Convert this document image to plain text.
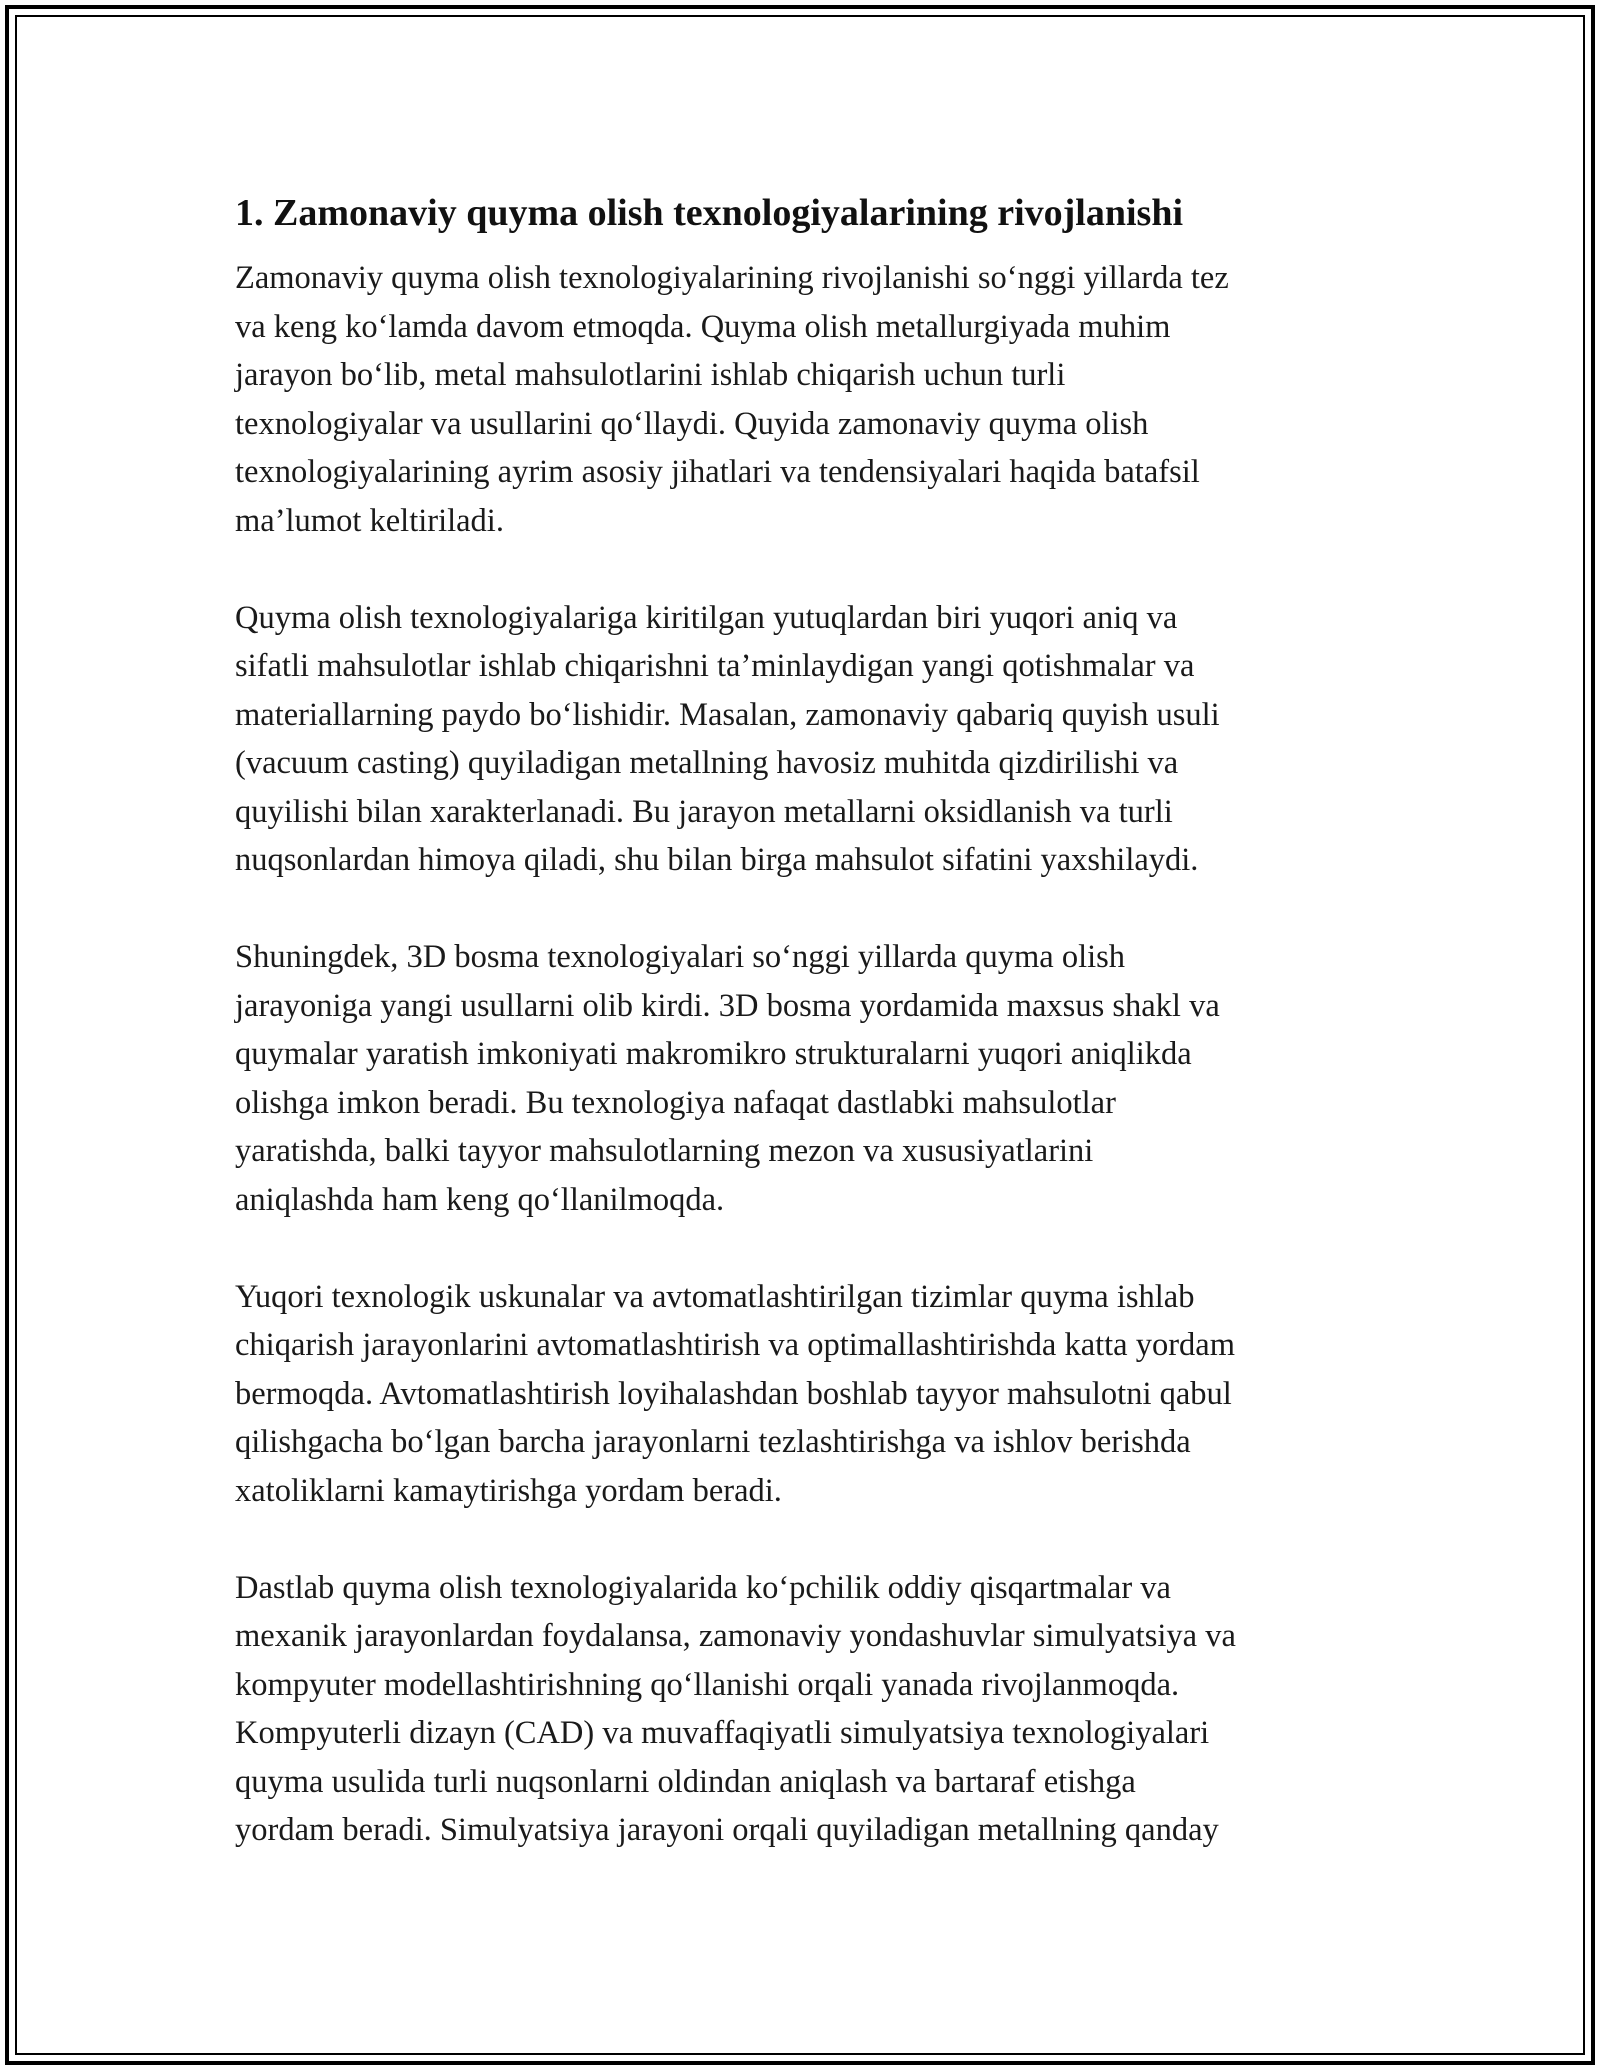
1. Zamonaviy quyma olish texnologiyalarining rivojlanishi

Zamonaviy quyma olish texnologiyalarining rivojlanishi so‘nggi yillarda tez
va keng ko‘lamda davom etmoqda. Quyma olish metallurgiyada muhim
jarayon bo‘lib, metal mahsulotlarini ishlab chiqarish uchun turli
texnologiyalar va usullarini qo‘llaydi. Quyida zamonaviy quyma olish
texnologiyalarining ayrim asosiy jihatlari va tendensiyalari haqida batafsil
ma’lumot keltiriladi.

Quyma olish texnologiyalariga kiritilgan yutuqlardan biri yuqori aniq va
sifatli mahsulotlar ishlab chiqarishni ta’minlaydigan yangi qotishmalar va
materiallarning paydo bo‘lishidir. Masalan, zamonaviy qabariq quyish usuli
(vacuum casting) quyiladigan metallning havosiz muhitda qizdirilishi va
quyilishi bilan xarakterlanadi. Bu jarayon metallarni oksidlanish va turli
nuqsonlardan himoya qiladi, shu bilan birga mahsulot sifatini yaxshilaydi.

Shuningdek, 3D bosma texnologiyalari so‘nggi yillarda quyma olish
jarayoniga yangi usullarni olib kirdi. 3D bosma yordamida maxsus shakl va
quymalar yaratish imkoniyati makromikro strukturalarni yuqori aniqlikda
olishga imkon beradi. Bu texnologiya nafaqat dastlabki mahsulotlar
yaratishda, balki tayyor mahsulotlarning mezon va xususiyatlarini
aniqlashda ham keng qo‘llanilmoqda.

Yuqori texnologik uskunalar va avtomatlashtirilgan tizimlar quyma ishlab
chiqarish jarayonlarini avtomatlashtirish va optimallashtirishda katta yordam
bermoqda. Avtomatlashtirish loyihalashdan boshlab tayyor mahsulotni qabul
qilishgacha bo‘lgan barcha jarayonlarni tezlashtirishga va ishlov berishda
xatoliklarni kamaytirishga yordam beradi.

Dastlab quyma olish texnologiyalarida ko‘pchilik oddiy qisqartmalar va
mexanik jarayonlardan foydalansa, zamonaviy yondashuvlar simulyatsiya va
kompyuter modellashtirishning qo‘llanishi orqali yanada rivojlanmoqda.
Kompyuterli dizayn (CAD) va muvaffaqiyatli simulyatsiya texnologiyalari
quyma usulida turli nuqsonlarni oldindan aniqlash va bartaraf etishga
yordam beradi. Simulyatsiya jarayoni orqali quyiladigan metallning qanday
